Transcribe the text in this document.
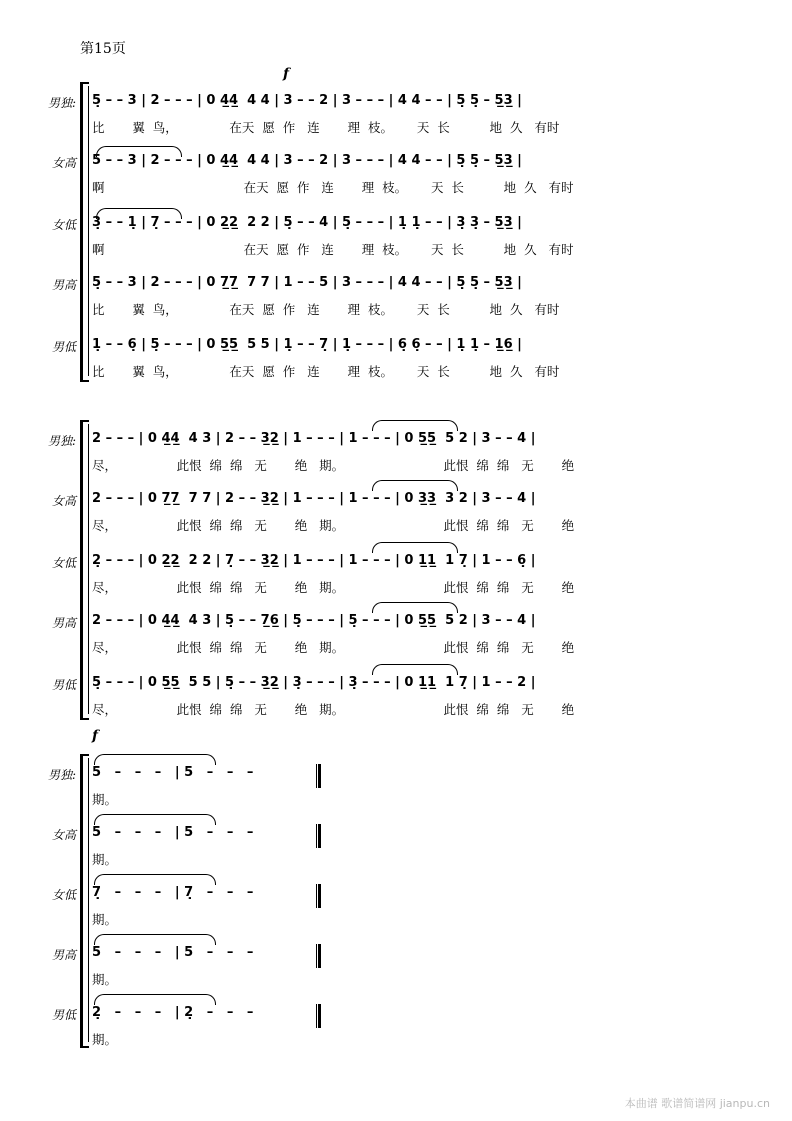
第15页
f
男独: 5̣ – – 3 | 2 – – – | 0 4̲4̲  4 4 | 3 – – 2 | 3 – – – | 4 4 – – | 5̣ 5̣ – 5̲3̲ |
比       翼  鸟，             在天  愿  作   连       理  枝。      天  长          地  久   有时
女高 5 – – 3 | 2 – – – | 0 4̲4̲  4 4 | 3 – – 2 | 3 – – – | 4 4 – – | 5̣ 5̣ – 5̲3̲ |
啊                                   在天  愿  作   连       理  枝。      天  长          地  久   有时
女低 3̣ – – 1̣ | 7̣ – – – | 0 2̲2̲  2 2 | 5̣ – – 4 | 5̣ – – – | 1̣ 1̣ – – | 3̣ 3̣ – 5̲3̲ |
啊                                   在天  愿  作   连       理  枝。      天  长          地  久   有时
男高 5̣ – – 3 | 2 – – – | 0 7̲7̲  7 7 | 1 – – 5 | 3 – – – | 4 4 – – | 5̣ 5̣ – 5̲3̲ |
比       翼  鸟，             在天  愿  作   连       理  枝。      天  长          地  久   有时
男低 1̣ – – 6̣ | 5̣ – – – | 0 5̲5̲  5 5 | 1̣ – – 7̣ | 1̣ – – – | 6̣ 6̣ – – | 1̣ 1̣ – 1̲6̲ |
比       翼  鸟，             在天  愿  作   连       理  枝。      天  长          地  久   有时
男独: 2 – – – | 0 4̲4̲  4 3 | 2 – – 3̲2̲ | 1 – – – | 1 – – – | 0 5̲5̲  5 2 | 3 – – 4 |
尽，               此恨  绵  绵   无       绝   期。                         此恨  绵  绵   无       绝
女高 2 – – – | 0 7̲7̲  7 7 | 2 – – 3̲2̲ | 1 – – – | 1 – – – | 0 3̲3̲  3 2 | 3 – – 4 |
尽，               此恨  绵  绵   无       绝   期。                         此恨  绵  绵   无       绝
女低 2̣ – – – | 0 2̲2̲  2 2 | 7̣ – – 3̲2̲ | 1 – – – | 1 – – – | 0 1̲1̲  1 7̣ | 1 – – 6̣ |
尽，               此恨  绵  绵   无       绝   期。                         此恨  绵  绵   无       绝
男高 2 – – – | 0 4̲4̲  4 3 | 5̣ – – 7̲6̲ | 5̣ – – – | 5̣ – – – | 0 5̲5̲  5 2 | 3 – – 4 |
尽，               此恨  绵  绵   无       绝   期。                         此恨  绵  绵   无       绝
男低 5̣ – – – | 0 5̲5̲  5 5 | 5̣ – – 3̲2̲ | 3̣ – – – | 3̣ – – – | 0 1̲1̲  1 7̣ | 1 – – 2 |
尽，               此恨  绵  绵   无       绝   期。                         此恨  绵  绵   无       绝
f
男独: 5   –   –   –   | 5   –   –   –
期。
女高 5   –   –   –   | 5   –   –   –
期。
女低 7̣   –   –   –   | 7̣   –   –   –
期。
男高 5   –   –   –   | 5   –   –   –
期。
男低 2̣   –   –   –   | 2̣   –   –   –
期。
本曲谱 歌谱简谱网 jianpu.cn
